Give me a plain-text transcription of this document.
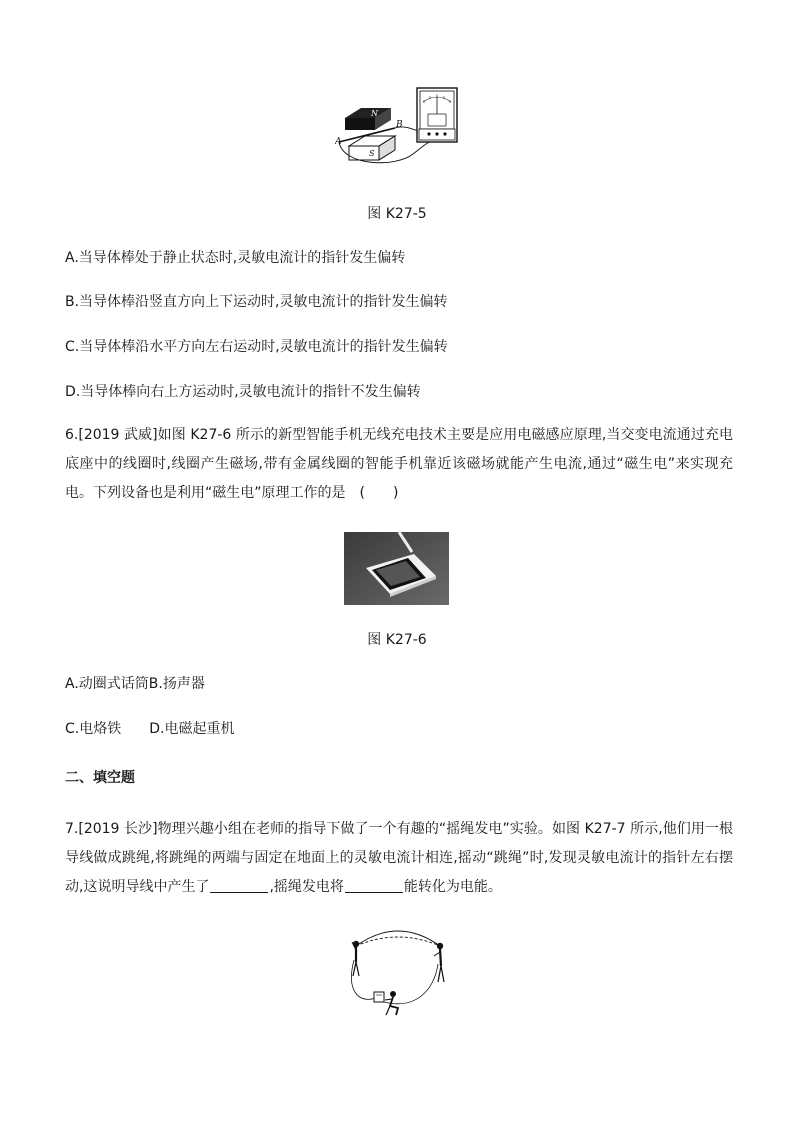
N
S
A
B
图 K27-5
A.当导体棒处于静止状态时,灵敏电流计的指针发生偏转
B.当导体棒沿竖直方向上下运动时,灵敏电流计的指针发生偏转
C.当导体棒沿水平方向左右运动时,灵敏电流计的指针发生偏转
D.当导体棒向右上方运动时,灵敏电流计的指针不发生偏转
6.[2019 武威]如图 K27-6 所示的新型智能手机无线充电技术主要是应用电磁感应原理,当交变电流通过充电底座中的线圈时,线圈产生磁场,带有金属线圈的智能手机靠近该磁场就能产生电流,通过“磁生电”来实现充电。下列设备也是利用“磁生电”原理工作的是　(　　)
图 K27-6
A.动圈式话筒B.扬声器
C.电烙铁 D.电磁起重机
二、填空题
7.[2019 长沙]物理兴趣小组在老师的指导下做了一个有趣的“摇绳发电”实验。如图 K27-7 所示,他们用一根导线做成跳绳,将跳绳的两端与固定在地面上的灵敏电流计相连,摇动“跳绳”时,发现灵敏电流计的指针左右摆动,这说明导线中产生了	,摇绳发电将	能转化为电能。
